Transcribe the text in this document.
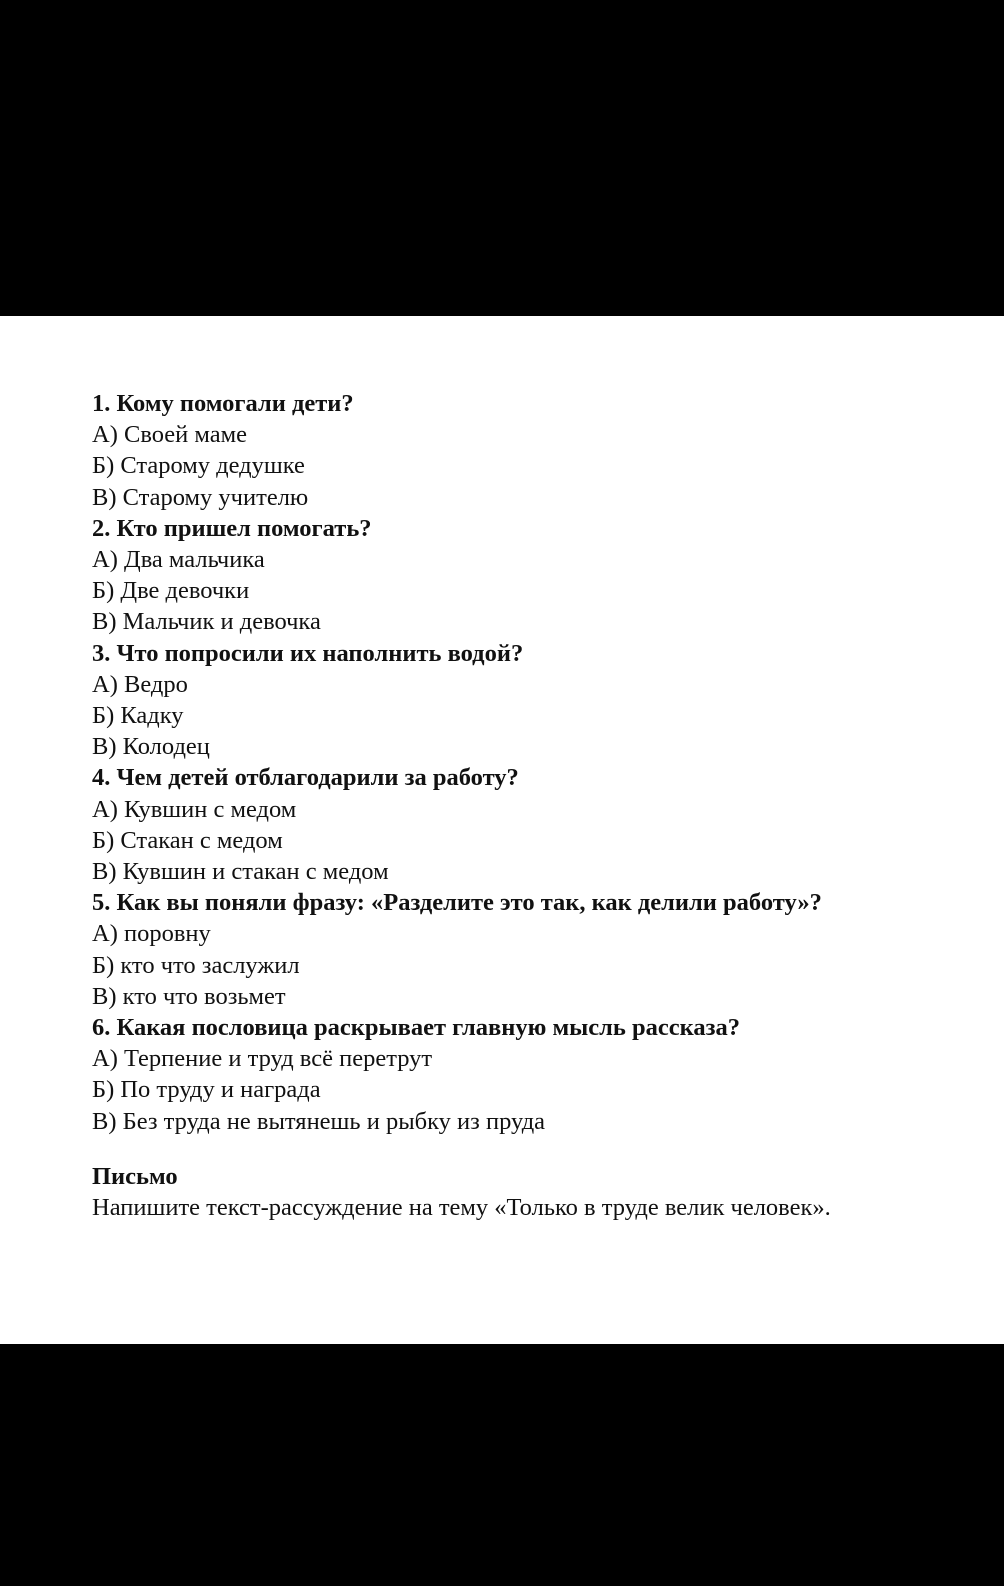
1. Кому помогали дети?
А) Своей маме
Б) Старому дедушке
В) Старому учителю
2. Кто пришел помогать?
А) Два мальчика
Б) Две девочки
В) Мальчик и девочка
3. Что попросили их наполнить водой?
А) Ведро
Б) Кадку
В) Колодец
4. Чем детей отблагодарили за работу?
А) Кувшин с медом
Б) Стакан с медом
В) Кувшин и стакан с медом
5. Как вы поняли фразу: «Разделите это так, как делили работу»?
А) поровну
Б) кто что заслужил
В) кто что возьмет
6. Какая пословица раскрывает главную мысль рассказа?
А) Терпение и труд всё перетрут
Б) По труду и награда
В) Без труда не вытянешь и рыбку из пруда
Письмо
Напишите текст-рассуждение на тему «Только в труде велик человек».
